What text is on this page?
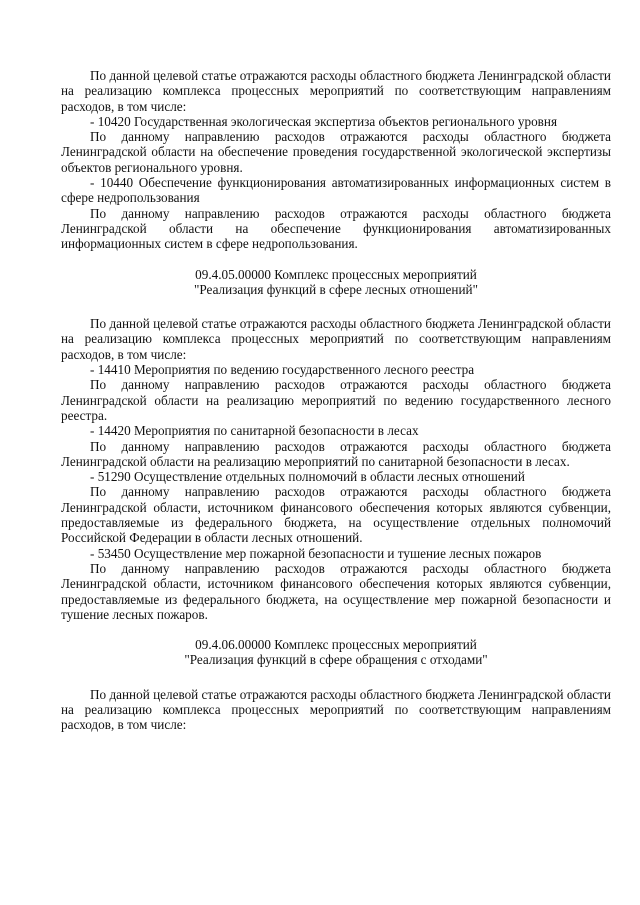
По данной целевой статье отражаются расходы областного бюджета Ленинградской области на реализацию комплекса процессных мероприятий по соответствующим направлениям расходов, в том числе:

- 10420 Государственная экологическая экспертиза объектов регионального уровня

По данному направлению расходов отражаются расходы областного бюджета Ленинградской области на обеспечение проведения государственной экологической экспертизы объектов регионального уровня.

- 10440 Обеспечение функционирования автоматизированных информационных систем в сфере недропользования

По данному направлению расходов отражаются расходы областного бюджета Ленинградской области на обеспечение функционирования автоматизированных информационных систем в сфере недропользования.

09.4.05.00000 Комплекс процессных мероприятий

"Реализация функций в сфере лесных отношений"

По данной целевой статье отражаются расходы областного бюджета Ленинградской области на реализацию комплекса процессных мероприятий по соответствующим направлениям расходов, в том числе:

- 14410 Мероприятия по ведению государственного лесного реестра

По данному направлению расходов отражаются расходы областного бюджета Ленинградской области на реализацию мероприятий по ведению государственного лесного реестра.

- 14420 Мероприятия по санитарной безопасности в лесах

По данному направлению расходов отражаются расходы областного бюджета Ленинградской области на реализацию мероприятий по санитарной безопасности в лесах.

- 51290 Осуществление отдельных полномочий в области лесных отношений

По данному направлению расходов отражаются расходы областного бюджета Ленинградской области, источником финансового обеспечения которых являются субвенции, предоставляемые из федерального бюджета, на осуществление отдельных полномочий Российской Федерации в области лесных отношений.

- 53450 Осуществление мер пожарной безопасности и тушение лесных пожаров

По данному направлению расходов отражаются расходы областного бюджета Ленинградской области, источником финансового обеспечения которых являются субвенции, предоставляемые из федерального бюджета, на осуществление мер пожарной безопасности и тушение лесных пожаров.

09.4.06.00000 Комплекс процессных мероприятий

"Реализация функций в сфере обращения с отходами"

По данной целевой статье отражаются расходы областного бюджета Ленинградской области на реализацию комплекса процессных мероприятий по соответствующим направлениям расходов, в том числе:
